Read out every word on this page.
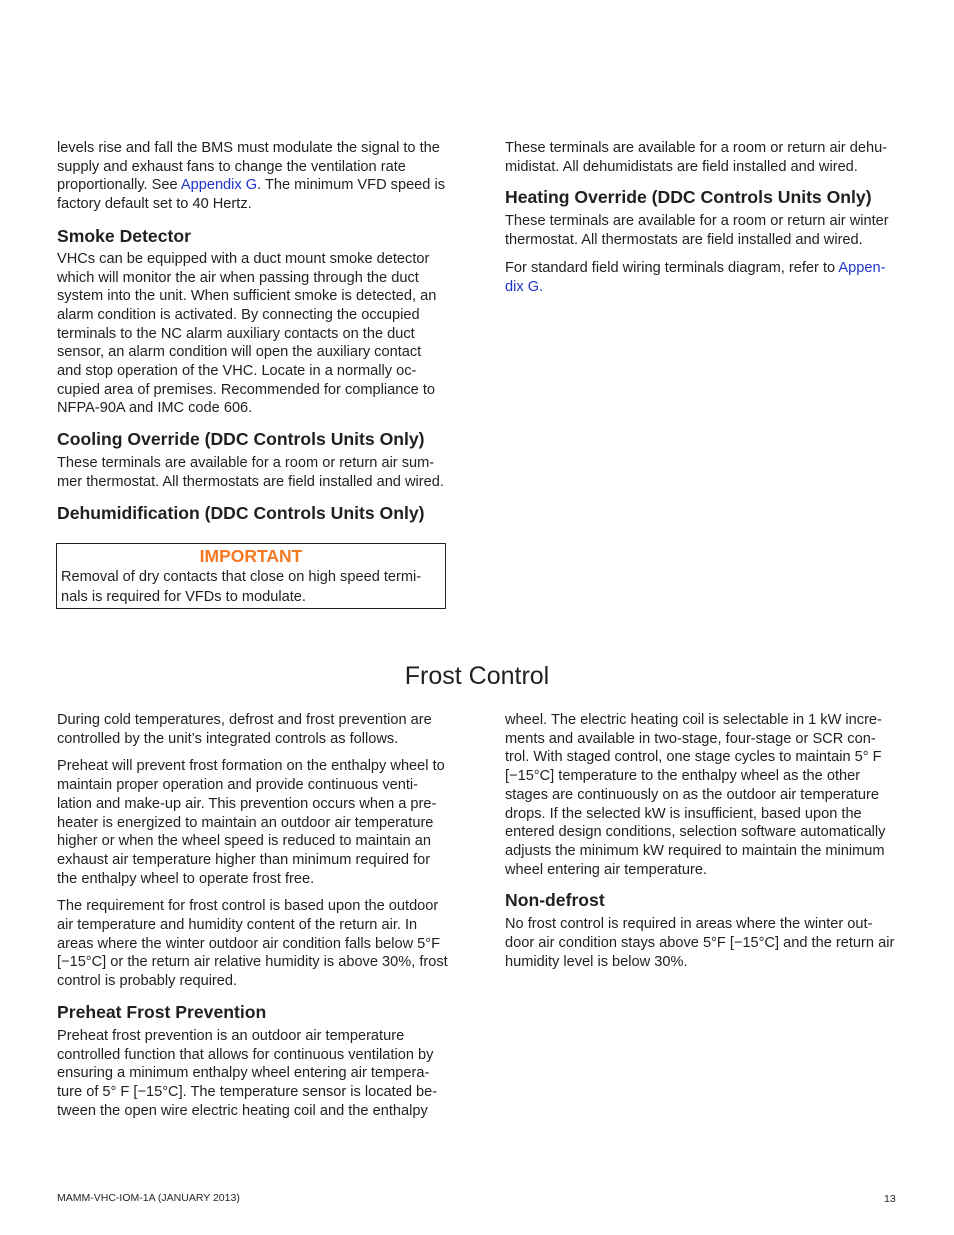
levels rise and fall the BMS must modulate the signal to the supply and exhaust fans to change the ventilation rate proportionally. See Appendix G. The minimum VFD speed is factory default set to 40 Hertz.

Smoke Detector

VHCs can be equipped with a duct mount smoke detector which will monitor the air when passing through the duct system into the unit. When sufficient smoke is detected, an alarm condition is activated. By connecting the occupied terminals to the NC alarm auxiliary contacts on the duct sensor, an alarm condition will open the auxiliary contact and stop operation of the VHC. Locate in a normally oc-cupied area of premises. Recommended for compliance to NFPA-90A and IMC code 606.

Cooling Override (DDC Controls Units Only)

These terminals are available for a room or return air sum-mer thermostat. All thermostats are field installed and wired.

Dehumidification (DDC Controls Units Only)
IMPORTANT
Removal of dry contacts that close on high speed termi-nals is required for VFDs to modulate.

These terminals are available for a room or return air dehu-midistat. All dehumidistats are field installed and wired.

Heating Override (DDC Controls Units Only)

These terminals are available for a room or return air winter thermostat. All thermostats are field installed and wired.

For standard field wiring terminals diagram, refer to Appen-dix G.

Frost Control

During cold temperatures, defrost and frost prevention are controlled by the unit’s integrated controls as follows.

Preheat will prevent frost formation on the enthalpy wheel to maintain proper operation and provide continuous venti-lation and make-up air. This prevention occurs when a pre-heater is energized to maintain an outdoor air temperature higher or when the wheel speed is reduced to maintain an exhaust air temperature higher than minimum required for the enthalpy wheel to operate frost free.

The requirement for frost control is based upon the outdoor air temperature and humidity content of the return air. In areas where the winter outdoor air condition falls below 5°F [−15°C] or the return air relative humidity is above 30%, frost control is probably required.

Preheat Frost Prevention

Preheat frost prevention is an outdoor air temperature controlled function that allows for continuous ventilation by ensuring a minimum enthalpy wheel entering air tempera-ture of 5° F [−15°C]. The temperature sensor is located be-tween the open wire electric heating coil and the enthalpy

wheel. The electric heating coil is selectable in 1 kW incre-ments and available in two-stage, four-stage or SCR con-trol. With staged control, one stage cycles to maintain 5° F [−15°C] temperature to the enthalpy wheel as the other stages are continuously on as the outdoor air temperature drops. If the selected kW is insufficient, based upon the entered design conditions, selection software automatically adjusts the minimum kW required to maintain the minimum wheel entering air temperature.

Non-defrost

No frost control is required in areas where the winter out-door air condition stays above 5°F [−15°C] and the return air humidity level is below 30%.

MAMM-VHC-IOM-1A (JANUARY 2013)	13
